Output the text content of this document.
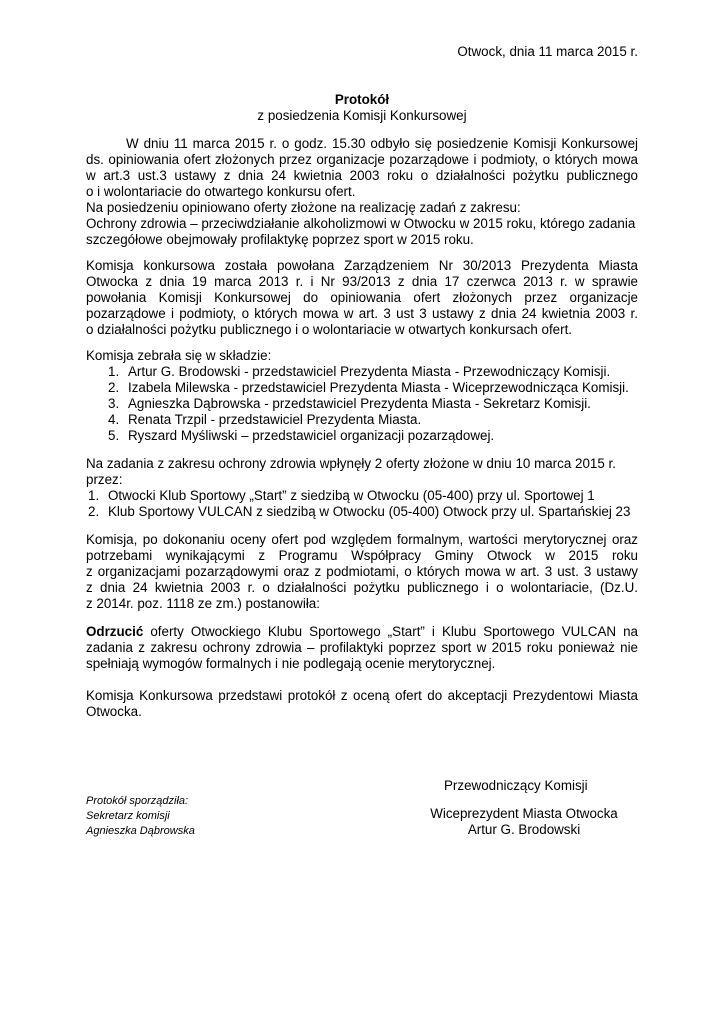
Otwock, dnia 11 marca 2015 r.
Protokół
z posiedzenia Komisji Konkursowej
W dniu 11 marca 2015 r. o godz. 15.30 odbyło się posiedzenie Komisji Konkursowej
ds. opiniowania ofert złożonych przez organizacje pozarządowe i podmioty, o których mowa
w art.3 ust.3 ustawy z dnia 24 kwietnia 2003 roku o działalności pożytku publicznego
o i wolontariacie do otwartego konkursu ofert.
Na posiedzeniu opiniowano oferty złożone na realizację zadań z zakresu:
Ochrony zdrowia – przeciwdziałanie alkoholizmowi w Otwocku w 2015 roku, którego zadania
szczegółowe obejmowały profilaktykę poprzez sport w 2015 roku.
Komisja konkursowa została powołana Zarządzeniem Nr 30/2013 Prezydenta Miasta
Otwocka z dnia 19 marca 2013 r. i Nr 93/2013 z dnia 17 czerwca 2013 r. w sprawie
powołania Komisji Konkursowej do opiniowania ofert złożonych przez organizacje
pozarządowe i podmioty, o których mowa w art. 3 ust 3 ustawy z dnia 24 kwietnia 2003 r.
o działalności pożytku publicznego i o wolontariacie w otwartych konkursach ofert.
Komisja zebrała się w składzie:
1. Artur G. Brodowski - przedstawiciel Prezydenta Miasta - Przewodniczący Komisji.
2. Izabela Milewska - przedstawiciel Prezydenta Miasta - Wiceprzewodnicząca Komisji.
3. Agnieszka Dąbrowska - przedstawiciel Prezydenta Miasta - Sekretarz Komisji.
4. Renata Trzpil - przedstawiciel Prezydenta Miasta.
5. Ryszard Myśliwski – przedstawiciel organizacji pozarządowej.
Na zadania z zakresu ochrony zdrowia wpłynęły 2 oferty złożone w dniu 10 marca 2015 r.
przez:
1. Otwocki Klub Sportowy „Start” z siedzibą w Otwocku (05-400) przy ul. Sportowej 1
2. Klub Sportowy VULCAN z siedzibą w Otwocku (05-400) Otwock przy ul. Spartańskiej 23
Komisja, po dokonaniu oceny ofert pod względem formalnym, wartości merytorycznej oraz
potrzebami wynikającymi z Programu Współpracy Gminy Otwock w 2015 roku
z organizacjami pozarządowymi oraz z podmiotami, o których mowa w art. 3 ust. 3 ustawy
z dnia 24 kwietnia 2003 r. o działalności pożytku publicznego i o wolontariacie, (Dz.U.
z 2014r. poz. 1118 ze zm.) postanowiła:
Odrzucić oferty Otwockiego Klubu Sportowego „Start” i Klubu Sportowego VULCAN na
zadania z zakresu ochrony zdrowia – profilaktyki poprzez sport w 2015 roku ponieważ nie
spełniają wymogów formalnych i nie podlegają ocenie merytorycznej.
Komisja Konkursowa przedstawi protokół z oceną ofert do akceptacji Prezydentowi Miasta
Otwocka.
Przewodniczący Komisji
Protokół sporządziła:
Sekretarz komisji
Agnieszka Dąbrowska
Wiceprezydent Miasta Otwocka
Artur G. Brodowski
